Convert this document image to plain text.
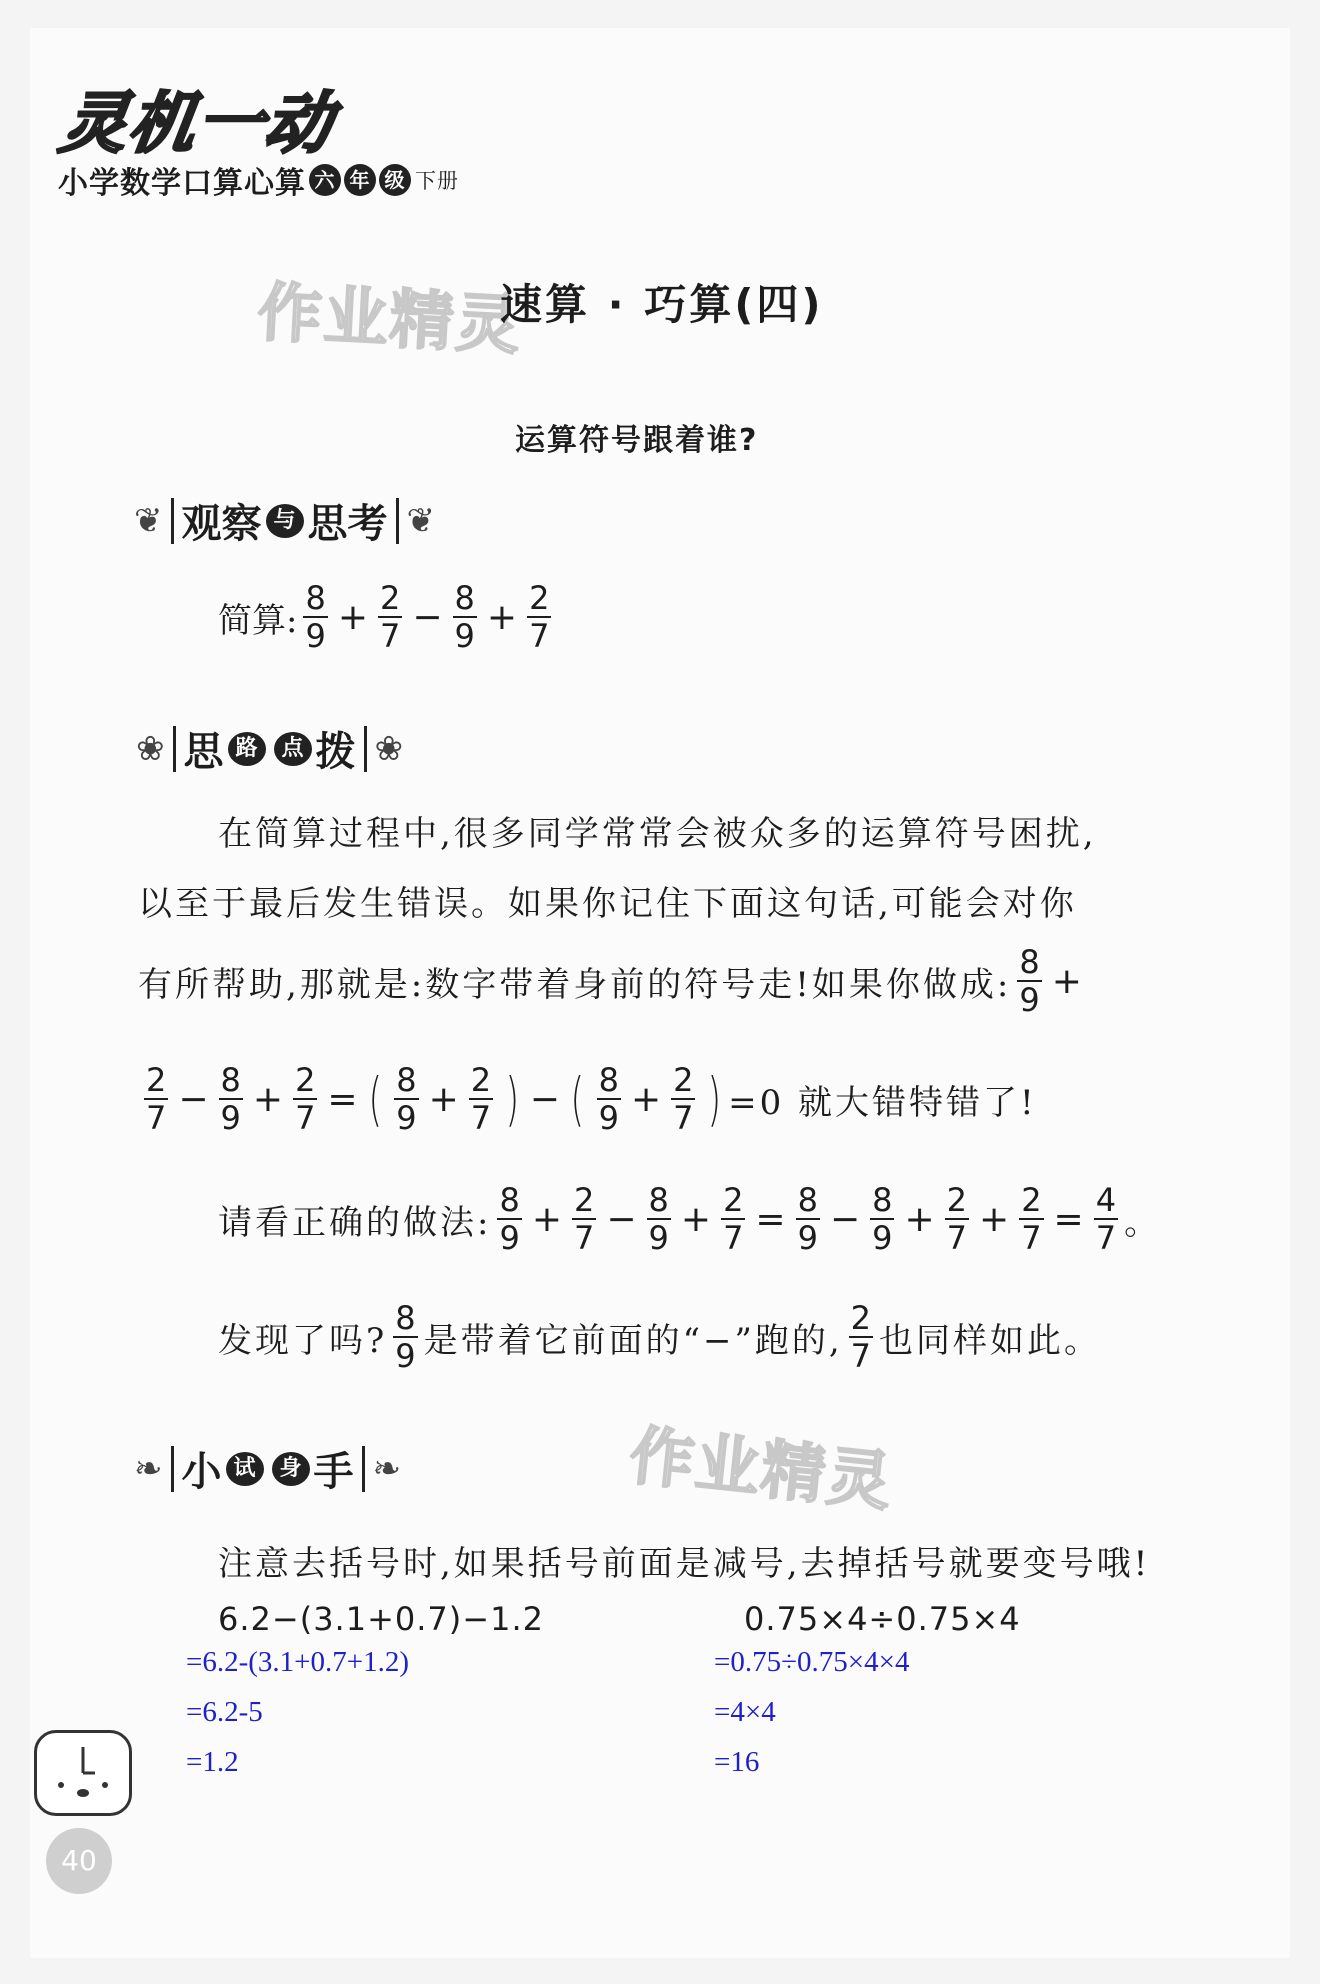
灵机一动
小学数学口算心算 六 年 级 下册
作业精灵
作业精灵
速算 · 巧算(四)
运算符号跟着谁?
❦ 观察 与 思考 ❦
简算: $\frac{8}{9} + \frac{2}{7} - \frac{8}{9} + \frac{2}{7}$
❀ 思 路	点 拨 ❀
在简算过程中,很多同学常常会被众多的运算符号困扰,
以至于最后发生错误。如果你记住下面这句话,可能会对你
有所帮助,那就是:数字带着身前的符号走!如果你做成: $\frac{8}{9}$ +
$\frac{2}{7} - \frac{8}{9} + \frac{2}{7}$ = ( $\frac{8}{9} + \frac{2}{7}$ ) − ( $\frac{8}{9} + \frac{2}{7}$ ) =0 就大错特错了!
请看正确的做法: $\frac{8}{9} + \frac{2}{7} - \frac{8}{9} + \frac{2}{7} = \frac{8}{9} - \frac{8}{9} + \frac{2}{7} + \frac{2}{7} = \frac{4}{7}$ 。
发现了吗? $\frac{8}{9}$ 是带着它前面的“−”跑的, $\frac{2}{7}$ 也同样如此。
❧ 小 试	身 手 ❧
注意去括号时,如果括号前面是减号,去掉括号就要变号哦!
6.2−(3.1+0.7)−1.2
=6.2-(3.1+0.7+1.2)
=6.2-5
=1.2
0.75×4÷0.75×4
=0.75÷0.75×4×4
=4×4
=16
40
